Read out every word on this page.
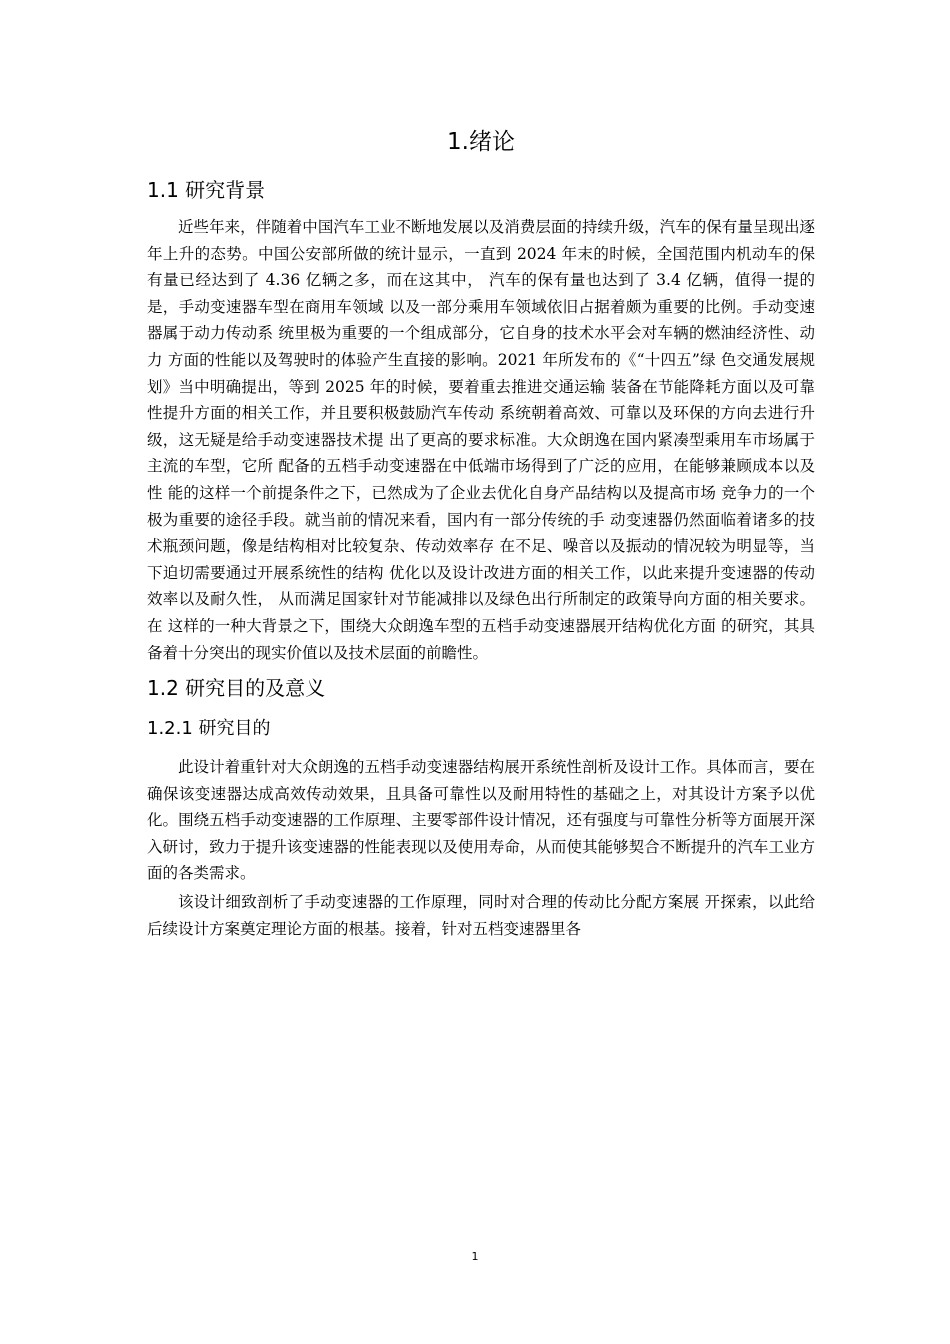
1.绪论
1.1 研究背景

近些年来，伴随着中国汽车工业不断地发展以及消费层面的持续升级，汽车的保有量呈现出逐年上升的态势。中国公安部所做的统计显示，一直到 2024 年末的时候，全国范围内机动车的保有量已经达到了 4.36 亿辆之多，而在这其中， 汽车的保有量也达到了 3.4 亿辆，值得一提的是，手动变速器车型在商用车领域 以及一部分乘用车领域依旧占据着颇为重要的比例。手动变速器属于动力传动系 统里极为重要的一个组成部分，它自身的技术水平会对车辆的燃油经济性、动力 方面的性能以及驾驶时的体验产生直接的影响。2021 年所发布的《“十四五”绿 色交通发展规划》当中明确提出，等到 2025 年的时候，要着重去推进交通运输 装备在节能降耗方面以及可靠性提升方面的相关工作，并且要积极鼓励汽车传动 系统朝着高效、可靠以及环保的方向去进行升级，这无疑是给手动变速器技术提 出了更高的要求标准。大众朗逸在国内紧凑型乘用车市场属于主流的车型，它所 配备的五档手动变速器在中低端市场得到了广泛的应用，在能够兼顾成本以及性 能的这样一个前提条件之下，已然成为了企业去优化自身产品结构以及提高市场 竞争力的一个极为重要的途径手段。就当前的情况来看，国内有一部分传统的手 动变速器仍然面临着诸多的技术瓶颈问题，像是结构相对比较复杂、传动效率存 在不足、噪音以及振动的情况较为明显等，当下迫切需要通过开展系统性的结构 优化以及设计改进方面的相关工作，以此来提升变速器的传动效率以及耐久性， 从而满足国家针对节能减排以及绿色出行所制定的政策导向方面的相关要求。在 这样的一种大背景之下，围绕大众朗逸车型的五档手动变速器展开结构优化方面 的研究，其具备着十分突出的现实价值以及技术层面的前瞻性。

1.2 研究目的及意义
1.2.1 研究目的

此设计着重针对大众朗逸的五档手动变速器结构展开系统性剖析及设计工作。具体而言，要在确保该变速器达成高效传动效果，且具备可靠性以及耐用特性的基础之上，对其设计方案予以优化。围绕五档手动变速器的工作原理、主要零部件设计情况，还有强度与可靠性分析等方面展开深入研讨，致力于提升该变速器的性能表现以及使用寿命，从而使其能够契合不断提升的汽车工业方面的各类需求。

该设计细致剖析了手动变速器的工作原理，同时对合理的传动比分配方案展 开探索，以此给后续设计方案奠定理论方面的根基。接着，针对五档变速器里各

1
